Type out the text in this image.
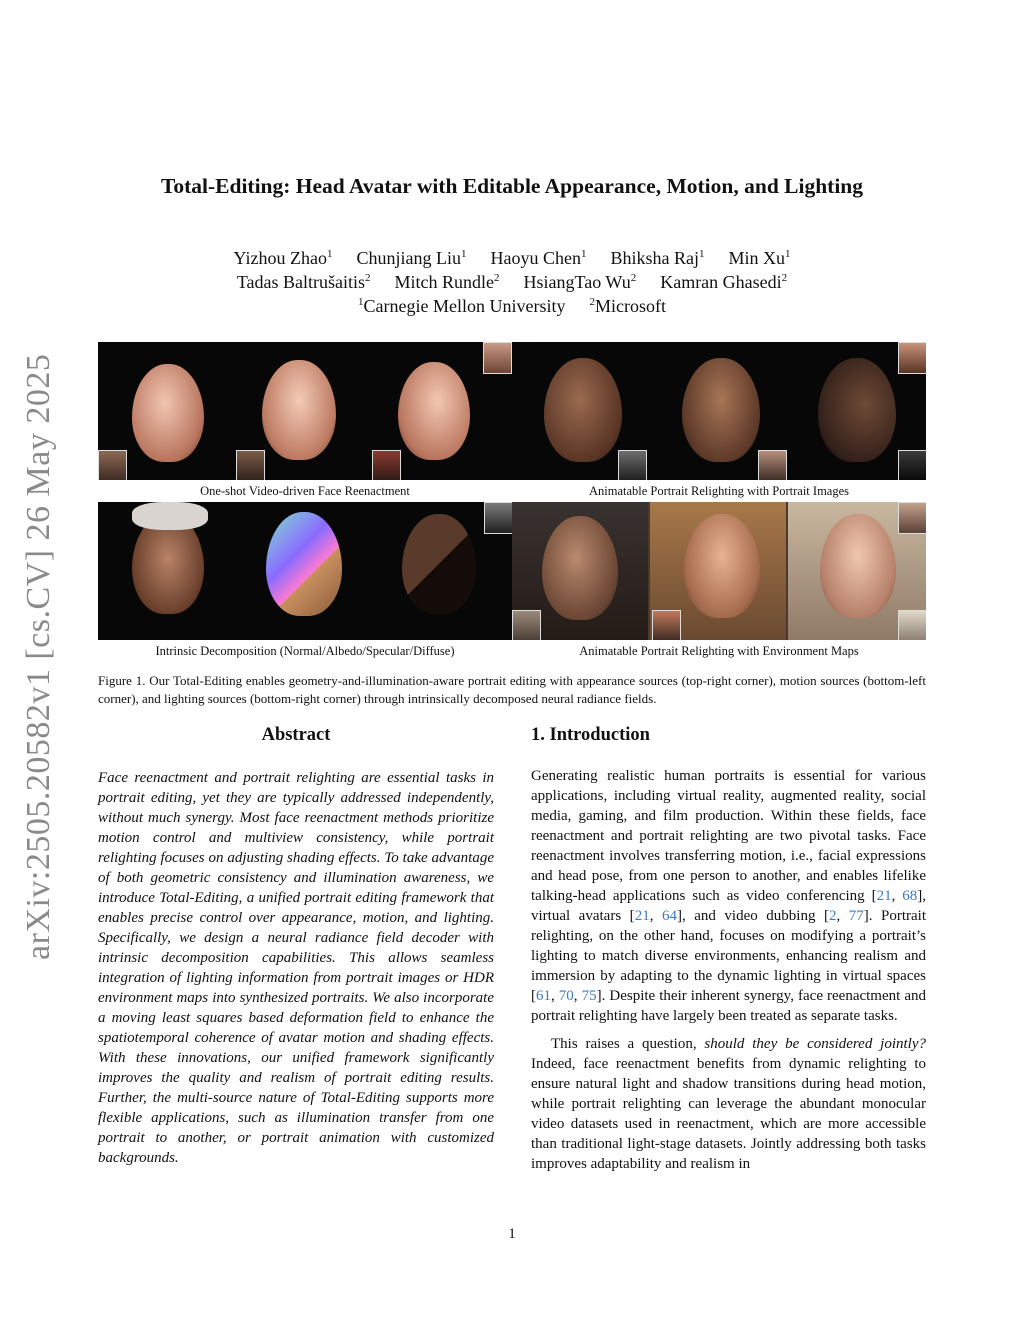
arXiv:2505.20582v1 [cs.CV] 26 May 2025
Total-Editing: Head Avatar with Editable Appearance, Motion, and Lighting
Yizhou Zhao$^1$ Chunjiang Liu$^1$ Haoyu Chen$^1$ Bhiksha Raj$^1$ Min Xu$^1$
Tadas Baltrušaitis$^2$ Mitch Rundle$^2$ HsiangTao Wu$^2$ Kamran Ghasedi$^2$
$^1$Carnegie Mellon University $^2$Microsoft
One-shot Video-driven Face Reenactment	Animatable Portrait Relighting with Portrait Images
Intrinsic Decomposition (Normal/Albedo/Specular/Diffuse)	Animatable Portrait Relighting with Environment Maps
Figure 1. Our Total-Editing enables geometry-and-illumination-aware portrait editing with appearance sources (top-right corner), motion sources (bottom-left corner), and lighting sources (bottom-right corner) through intrinsically decomposed neural radiance fields.
Abstract
Face reenactment and portrait relighting are essential tasks in portrait editing, yet they are typically addressed independently, without much synergy. Most face reenactment methods prioritize motion control and multiview consistency, while portrait relighting focuses on adjusting shading effects. To take advantage of both geometric consistency and illumination awareness, we introduce Total-Editing, a unified portrait editing framework that enables precise control over appearance, motion, and lighting. Specifically, we design a neural radiance field decoder with intrinsic decomposition capabilities. This allows seamless integration of lighting information from portrait images or HDR environment maps into synthesized portraits. We also incorporate a moving least squares based deformation field to enhance the spatiotemporal coherence of avatar motion and shading effects. With these innovations, our unified framework significantly improves the quality and realism of portrait editing results. Further, the multi-source nature of Total-Editing supports more flexible applications, such as illumination transfer from one portrait to another, or portrait animation with customized backgrounds.
1. Introduction

Generating realistic human portraits is essential for various applications, including virtual reality, augmented reality, social media, gaming, and film production. Within these fields, face reenactment and portrait relighting are two pivotal tasks. Face reenactment involves transferring motion, i.e., facial expressions and head pose, from one person to another, and enables lifelike talking-head applications such as video conferencing [21, 68], virtual avatars [21, 64], and video dubbing [2, 77]. Portrait relighting, on the other hand, focuses on modifying a portrait’s lighting to match diverse environments, enhancing realism and immersion by adapting to the dynamic lighting in virtual spaces [61, 70, 75]. Despite their inherent synergy, face reenactment and portrait relighting have largely been treated as separate tasks.

This raises a question, should they be considered jointly? Indeed, face reenactment benefits from dynamic relighting to ensure natural light and shadow transitions during head motion, while portrait relighting can leverage the abundant monocular video datasets used in reenactment, which are more accessible than traditional light-stage datasets. Jointly addressing both tasks improves adaptability and realism in

1
